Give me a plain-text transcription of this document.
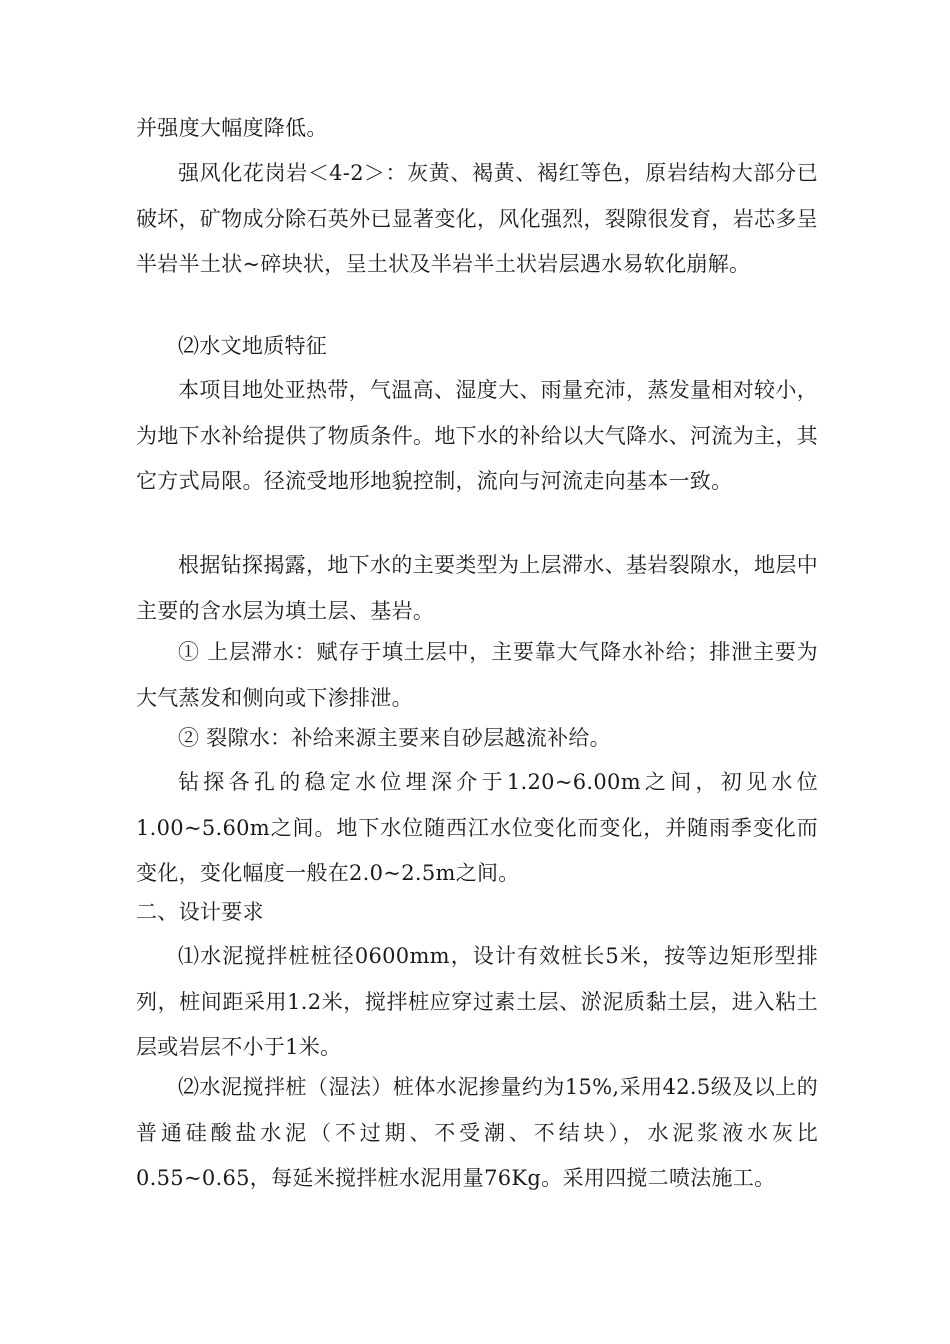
并强度大幅度降低。

强风化花岗岩＜4-2＞：灰黄、褐黄、褐红等色，原岩结构大部分已破坏，矿物成分除石英外已显著变化，风化强烈，裂隙很发育，岩芯多呈半岩半土状~碎块状，呈土状及半岩半土状岩层遇水易软化崩解。

⑵水文地质特征

本项目地处亚热带，气温高、湿度大、雨量充沛，蒸发量相对较小，为地下水补给提供了物质条件。地下水的补给以大气降水、河流为主，其它方式局限。径流受地形地貌控制，流向与河流走向基本一致。

根据钻探揭露，地下水的主要类型为上层滞水、基岩裂隙水，地层中主要的含水层为填土层、基岩。

① 上层滞水：赋存于填土层中，主要靠大气降水补给；排泄主要为大气蒸发和侧向或下渗排泄。

② 裂隙水：补给来源主要来自砂层越流补给。

钻探各孔的稳定水位埋深介于1.20~6.00m之间，初见水位1.00~5.60m之间。地下水位随西江水位变化而变化，并随雨季变化而变化，变化幅度一般在2.0~2.5m之间。

二、设计要求

⑴水泥搅拌桩桩径0600mm，设计有效桩长5米，按等边矩形型排列，桩间距采用1.2米，搅拌桩应穿过素土层、淤泥质黏土层，进入粘土层或岩层不小于1米。

⑵水泥搅拌桩（湿法）桩体水泥掺量约为15%,采用42.5级及以上的普通硅酸盐水泥（不过期、不受潮、不结块），水泥浆液水灰比0.55~0.65，每延米搅拌桩水泥用量76Kg。采用四搅二喷法施工。
